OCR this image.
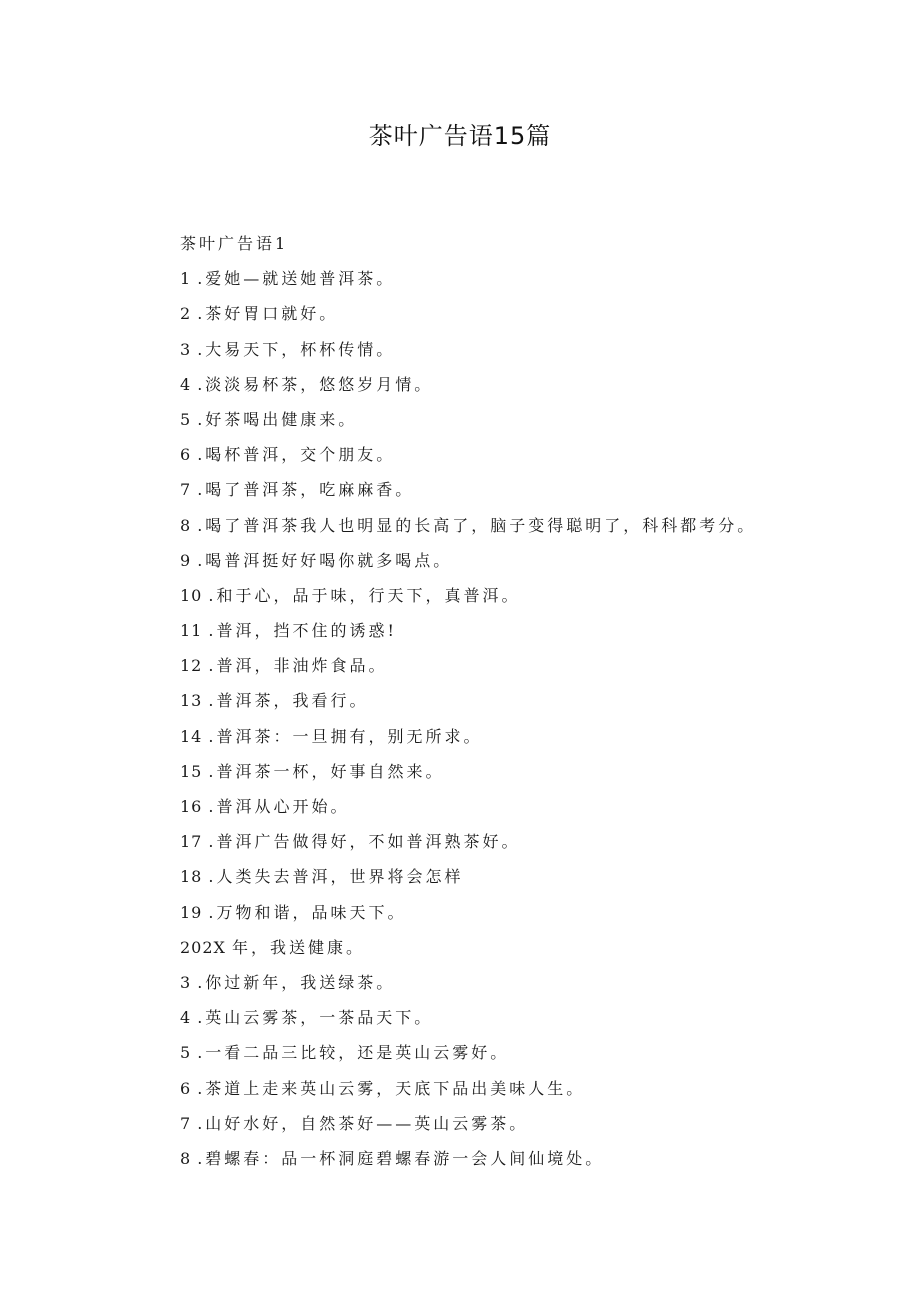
茶叶广告语15篇
茶叶广告语1
1 .爱她—就送她普洱茶。
2 .茶好胃口就好。
3 .大易天下，杯杯传情。
4 .淡淡易杯茶，悠悠岁月情。
5 .好茶喝出健康来。
6 .喝杯普洱，交个朋友。
7 .喝了普洱茶，吃麻麻香。
8 .喝了普洱茶我人也明显的长高了，脑子变得聪明了，科科都考分。
9 .喝普洱挺好好喝你就多喝点。
10 .和于心，品于味，行天下，真普洱。
11 .普洱，挡不住的诱惑!
12 .普洱，非油炸食品。
13 .普洱茶，我看行。
14 .普洱茶：一旦拥有，别无所求。
15 .普洱茶一杯，好事自然来。
16 .普洱从心开始。
17 .普洱广告做得好，不如普洱熟茶好。
18 .人类失去普洱，世界将会怎样
19 .万物和谐，品味天下。
202X 年，我送健康。
3 .你过新年，我送绿茶。
4 .英山云雾茶，一茶品天下。
5 .一看二品三比较，还是英山云雾好。
6 .茶道上走来英山云雾，天底下品出美味人生。
7 .山好水好，自然茶好——英山云雾茶。
8 .碧螺春：品一杯洞庭碧螺春游一会人间仙境处。
